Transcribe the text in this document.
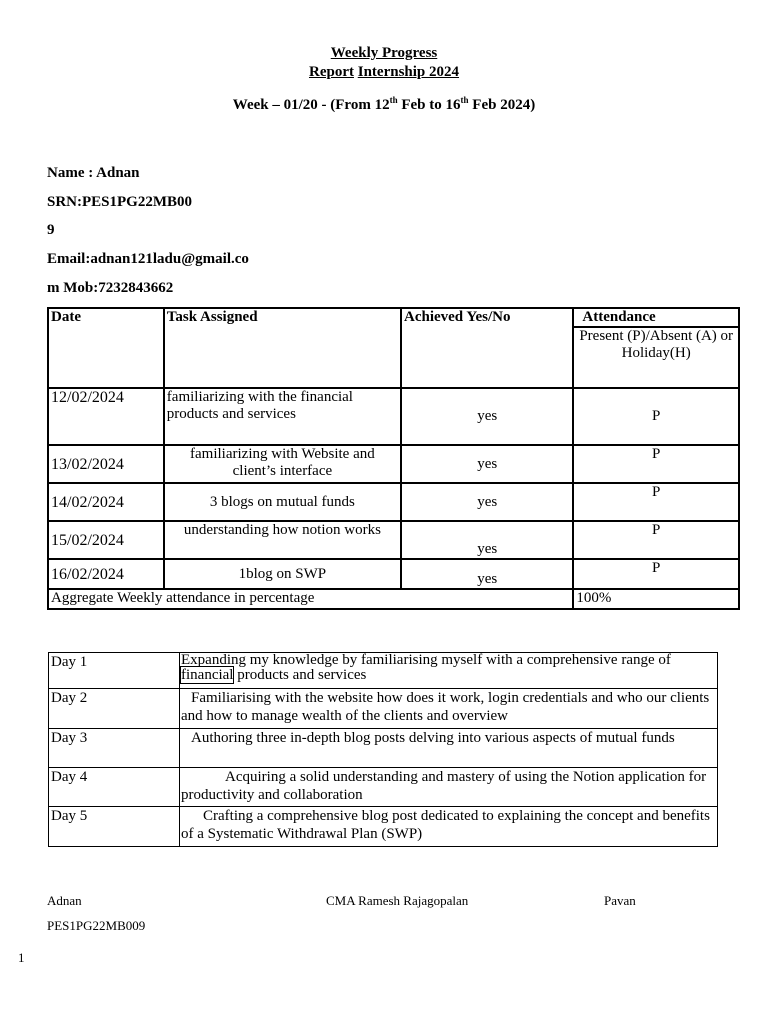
Weekly Progress
Report Internship 2024
Week – 01/20 - (From 12th Feb to 16th Feb 2024)
Name : Adnan
SRN:PES1PG22MB00
9
Email:adnan121ladu@gmail.co
m Mob:7232843662
Date	Task Assigned	Achieved Yes/No	Attendance
Present (P)/Absent (A) or Holiday(H)

12/02/2024	familiarizing with the financial products and services	yes	P
13/02/2024	familiarizing with Website and client’s interface	yes	P
14/02/2024	3 blogs on mutual funds	yes	P
15/02/2024	understanding how notion works	yes	P
16/02/2024	1blog on SWP	yes	P
Aggregate Weekly attendance in percentage			100%
Day 1	Expanding my knowledge by familiarising myself with a comprehensive range of financial products and services
Day 2	Familiarising with the website how does it work, login credentials and who our clients and how to manage wealth of the clients and overview
Day 3	Authoring three in-depth blog posts delving into various aspects of mutual funds
Day 4	Acquiring a solid understanding and mastery of using the Notion application for productivity and collaboration
Day 5	Crafting a comprehensive blog post dedicated to explaining the concept and benefits of a Systematic Withdrawal Plan (SWP)
Adnan
PES1PG22MB009
CMA Ramesh Rajagopalan	Pavan
1
